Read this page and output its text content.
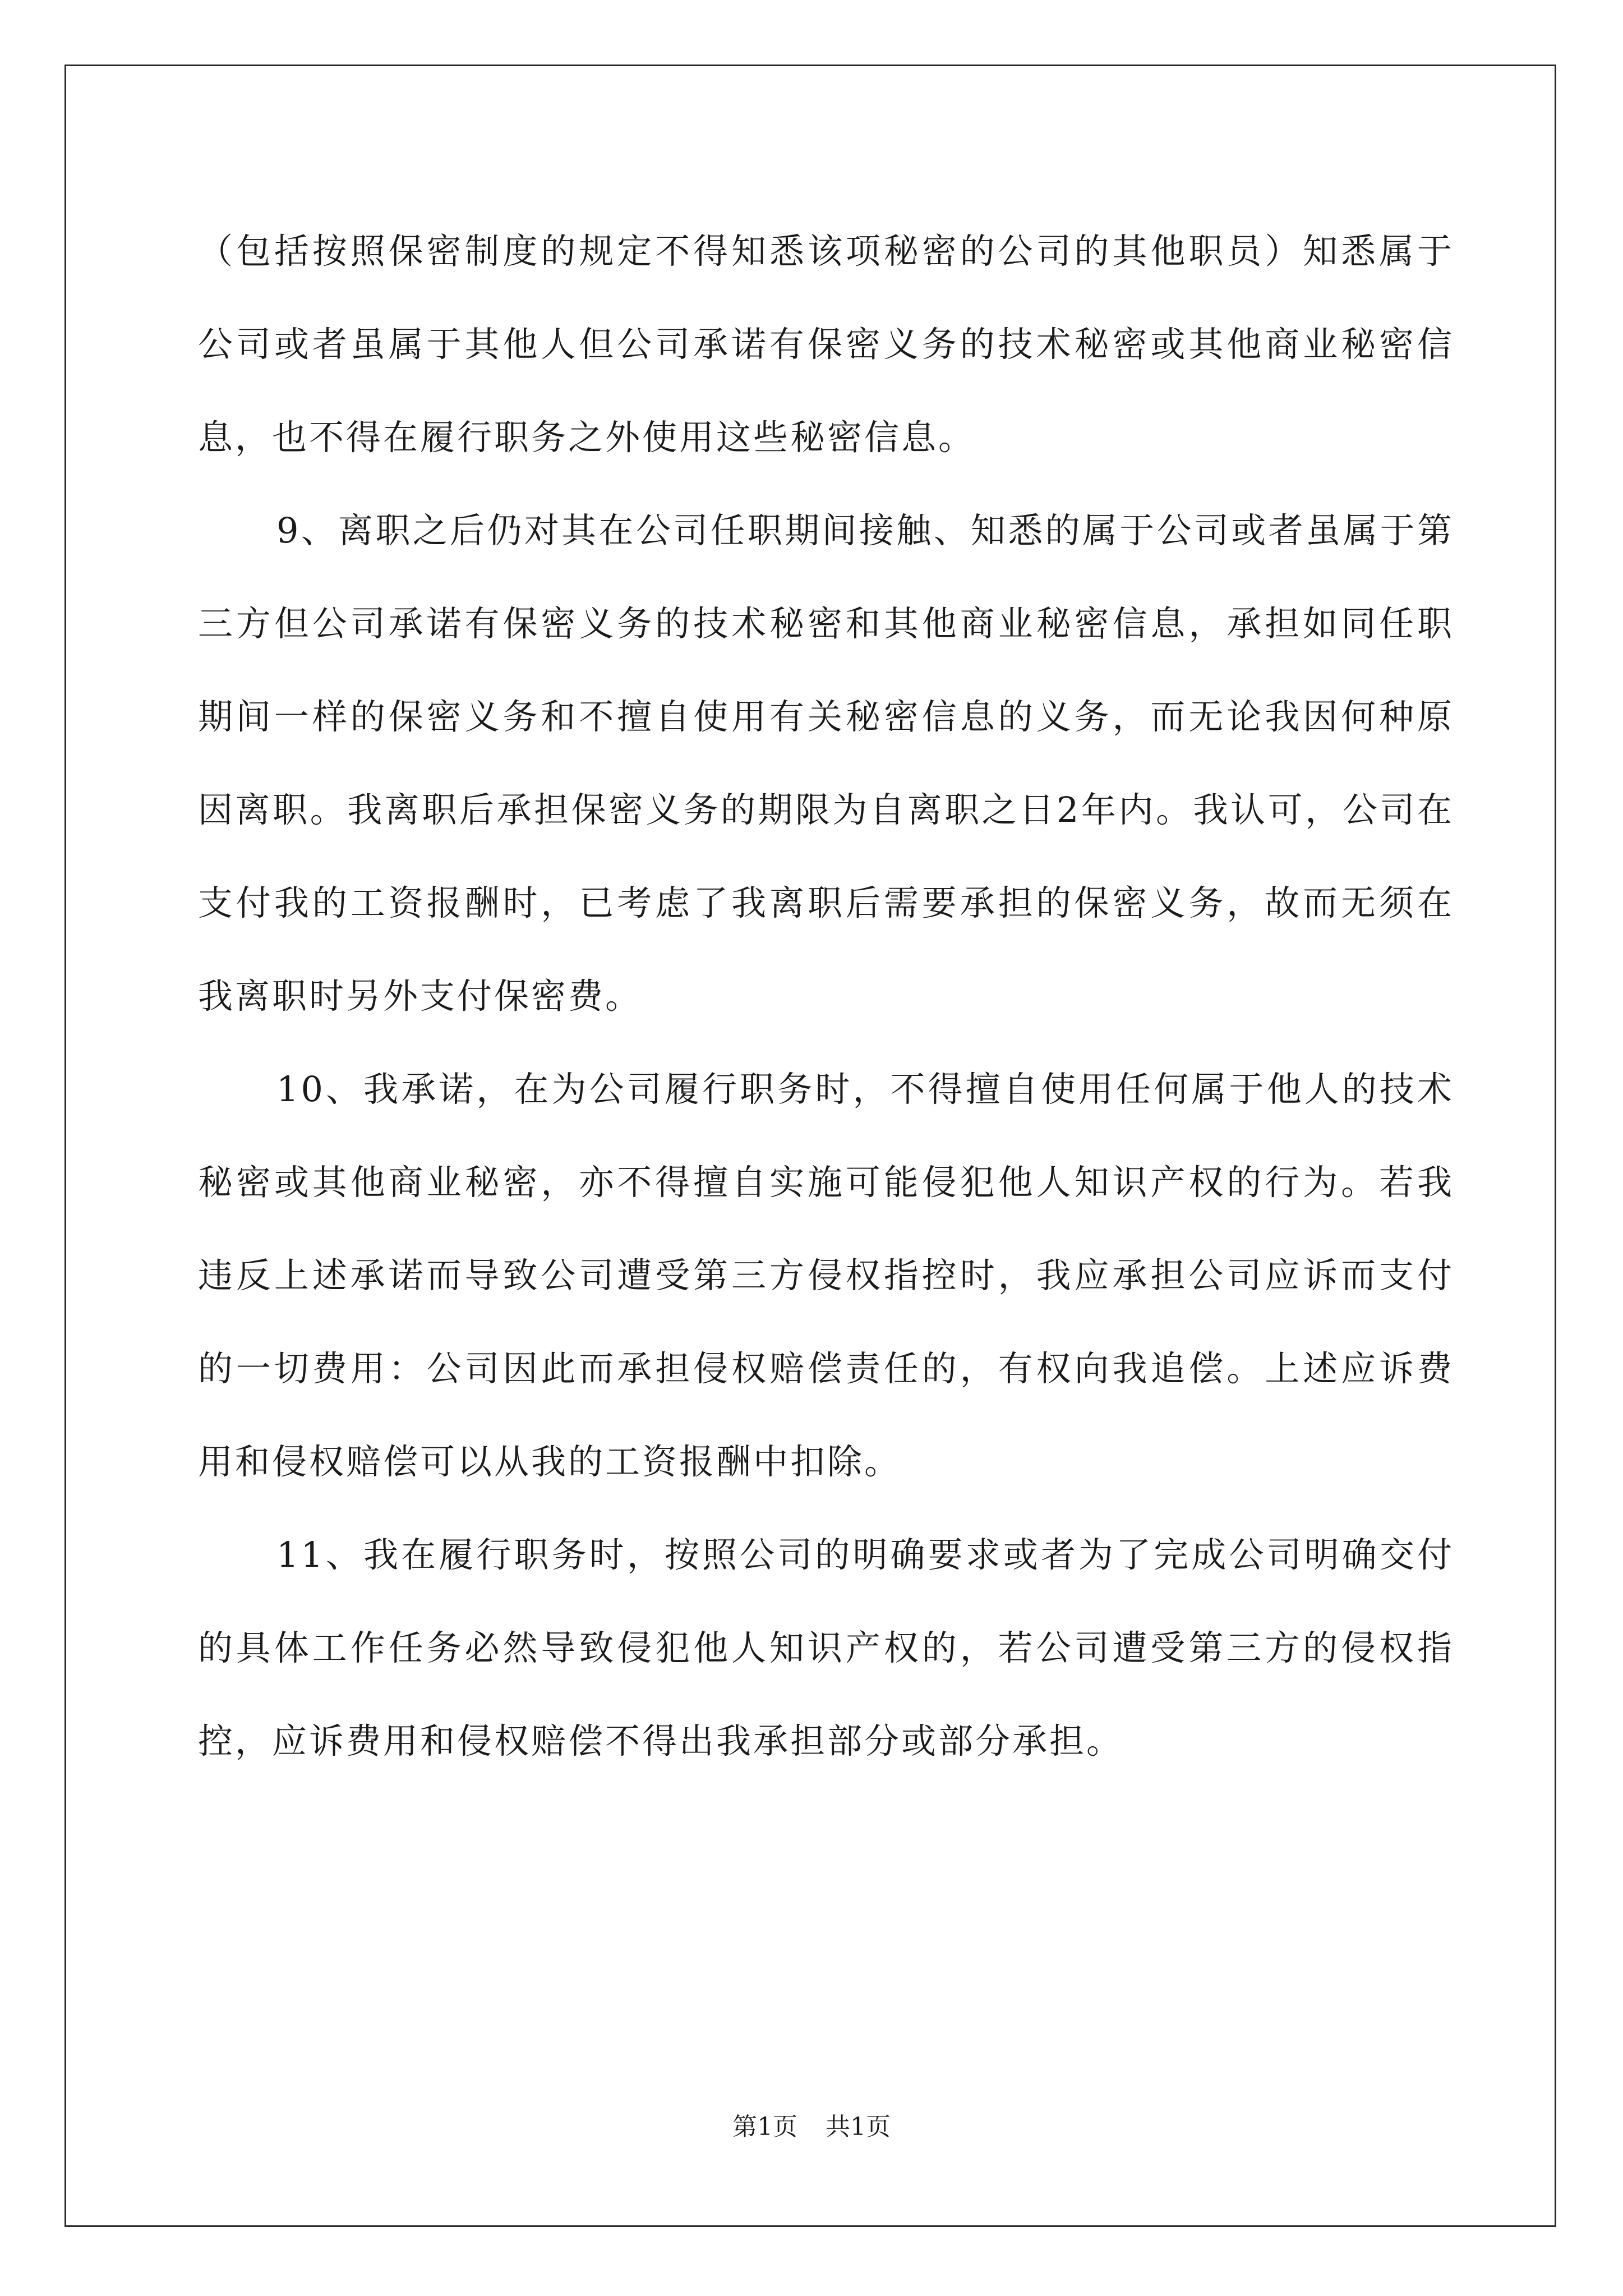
（包括按照保密制度的规定不得知悉该项秘密的公司的其他职员）知悉属于公司或者虽属于其他人但公司承诺有保密义务的技术秘密或其他商业秘密信息，也不得在履行职务之外使用这些秘密信息。

9、离职之后仍对其在公司任职期间接触、知悉的属于公司或者虽属于第三方但公司承诺有保密义务的技术秘密和其他商业秘密信息，承担如同任职期间一样的保密义务和不擅自使用有关秘密信息的义务，而无论我因何种原因离职。我离职后承担保密义务的期限为自离职之日2年内。我认可，公司在支付我的工资报酬时，已考虑了我离职后需要承担的保密义务，故而无须在我离职时另外支付保密费。

10、我承诺，在为公司履行职务时，不得擅自使用任何属于他人的技术秘密或其他商业秘密，亦不得擅自实施可能侵犯他人知识产权的行为。若我违反上述承诺而导致公司遭受第三方侵权指控时，我应承担公司应诉而支付的一切费用：公司因此而承担侵权赔偿责任的，有权向我追偿。上述应诉费用和侵权赔偿可以从我的工资报酬中扣除。

11、我在履行职务时，按照公司的明确要求或者为了完成公司明确交付的具体工作任务必然导致侵犯他人知识产权的，若公司遭受第三方的侵权指控，应诉费用和侵权赔偿不得出我承担部分或部分承担。

第1页 共1页
